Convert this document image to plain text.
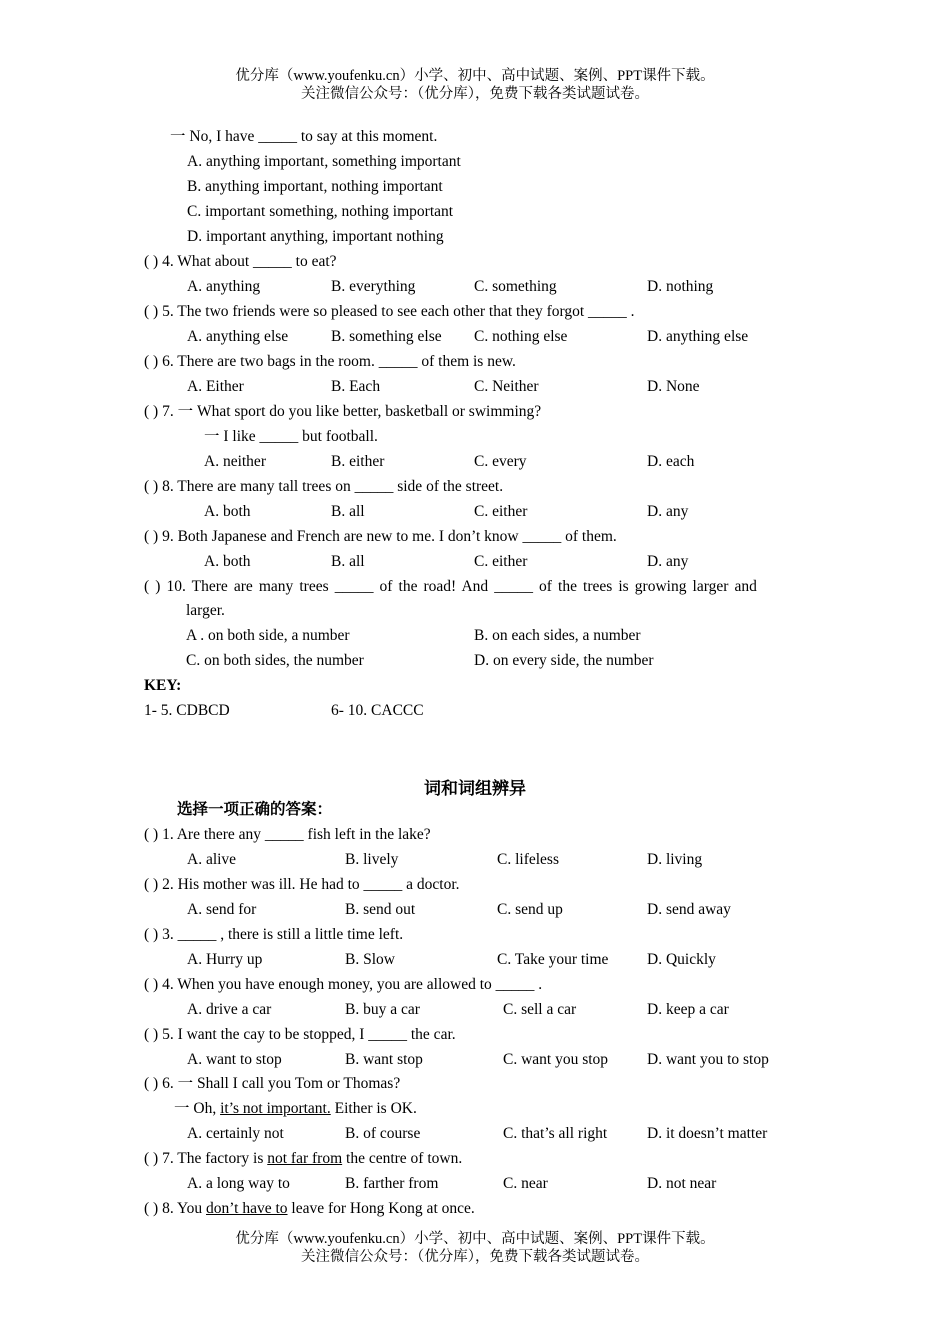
优分库（www.youfenku.cn）小学、初中、高中试题、案例、PPT课件下载。
关注微信公众号：（优分库），免费下载各类试题试卷。
一 No, I have _____ to say at this moment.
A. anything important, something important
B. anything important, nothing important
C. important something, nothing important
D. important anything, important nothing
( ) 4. What about _____ to eat?
A. anything	B. everything	C. something	D. nothing
( ) 5. The two friends were so pleased to see each other that they forgot _____ .
A. anything else	B. something else C. nothing else	D. anything else
( ) 6. There are two bags in the room. _____ of them is new.
A. Either	B. Each	C. Neither	D. None
( ) 7. 一 What sport do you like better, basketball or swimming?
一 I like _____ but football.
A. neither	B. either	C. every	D. each
( ) 8. There are many tall trees on _____ side of the street.
A. both	B. all	C. either	D. any
( ) 9. Both Japanese and French are new to me. I don’t know _____ of them.
A. both	B. all	C. either	D. any
( ) 10. There are many trees _____ of the road! And _____ of the trees is growing larger and
larger.
A . on both side, a number	B. on each sides, a number
C. on both sides, the number	D. on every side, the number
KEY:
1- 5. CDBCD	6- 10. CACCC
词和词组辨异
选择一项正确的答案：
( ) 1. Are there any _____ fish left in the lake?
A. alive	B. lively	C. lifeless	D. living
( ) 2. His mother was ill. He had to _____ a doctor.
A. send for	B. send out	C. send up	D. send away
( ) 3. _____ , there is still a little time left.
A. Hurry up	B. Slow	C. Take your time D. Quickly
( ) 4. When you have enough money, you are allowed to _____ .
A. drive a car	B. buy a car	C. sell a car	D. keep a car
( ) 5. I want the cay to be stopped, I _____ the car.
A. want to stop	B. want stop	C. want you stop	D. want you to stop
( ) 6. 一 Shall I call you Tom or Thomas?
一 Oh, it’s not important. Either is OK.
A. certainly not	B. of course	C. that’s all right	D. it doesn’t matter
( ) 7. The factory is not far from the centre of town.
A. a long way to	B. farther from	C. near	D. not near
( ) 8. You don’t have to leave for Hong Kong at once.
优分库（www.youfenku.cn）小学、初中、高中试题、案例、PPT课件下载。
关注微信公众号：（优分库），免费下载各类试题试卷。
